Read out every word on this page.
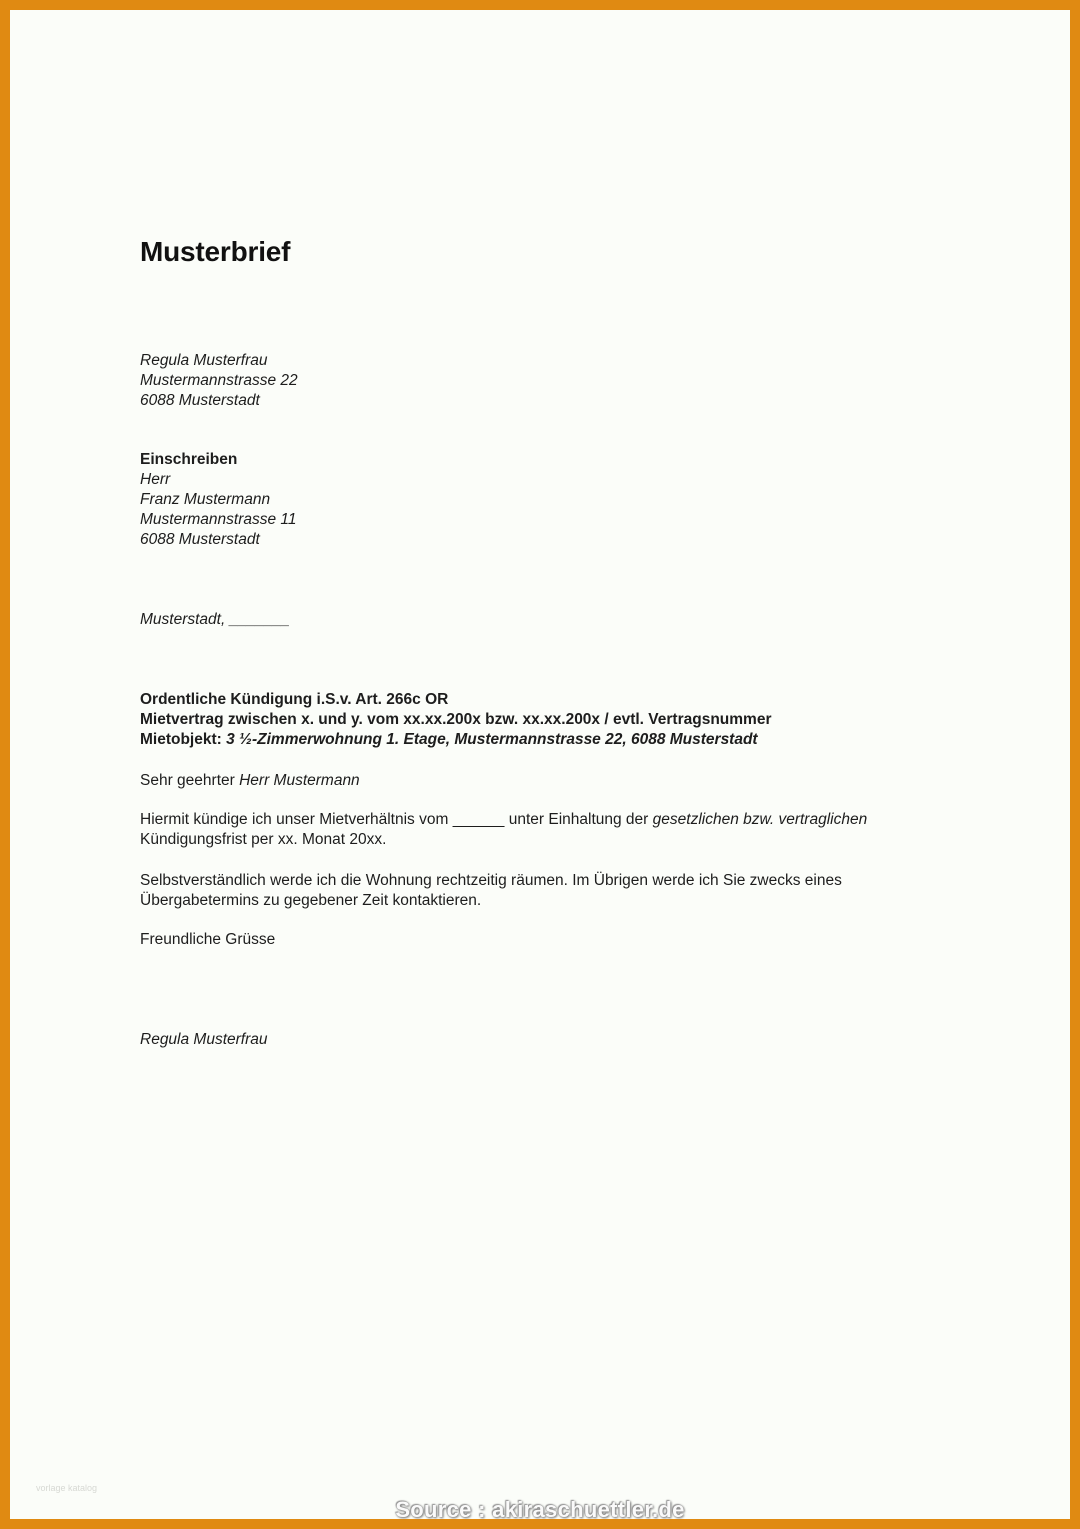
Musterbrief
Regula Musterfrau
Mustermannstrasse 22
6088 Musterstadt
Einschreiben
Herr
Franz Mustermann
Mustermannstrasse 11
6088 Musterstadt
Musterstadt, _______
Ordentliche Kündigung i.S.v. Art. 266c OR
Mietvertrag zwischen x. und y. vom xx.xx.200x bzw. xx.xx.200x / evtl. Vertragsnummer
Mietobjekt: 3 ½-Zimmerwohnung 1. Etage, Mustermannstrasse 22, 6088 Musterstadt
Sehr geehrter Herr Mustermann
Hiermit kündige ich unser Mietverhältnis vom ______ unter Einhaltung der gesetzlichen bzw. vertraglichen
Kündigungsfrist per xx. Monat 20xx.
Selbstverständlich werde ich die Wohnung rechtzeitig räumen. Im Übrigen werde ich Sie zwecks eines
Übergabetermins zu gegebener Zeit kontaktieren.
Freundliche Grüsse
Regula Musterfrau
vorlage katalog
Source : akiraschuettler.de
